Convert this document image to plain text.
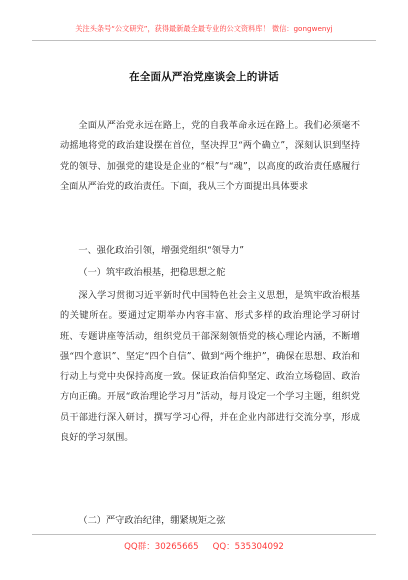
关注头条号“公文研究”，获得最新最全最专业的公文资料库！ 微信：gongwenyj
在全面从严治党座谈会上的讲话

全面从严治党永远在路上，党的自我革命永远在路上。我们必须毫不动摇地将党的政治建设摆在首位，坚决捍卫“两个确立”，深刻认识到坚持党的领导、加强党的建设是企业的“根”与“魂”，以高度的政治责任感履行全面从严治党的政治责任。下面，我从三个方面提出具体要求

一、强化政治引领，增强党组织“领导力”
（一）筑牢政治根基，把稳思想之舵

深入学习贯彻习近平新时代中国特色社会主义思想，是筑牢政治根基的关键所在。要通过定期举办内容丰富、形式多样的政治理论学习研讨班、专题讲座等活动，组织党员干部深刻领悟党的核心理论内涵，不断增强“四个意识”、坚定“四个自信”、做到“两个维护”，确保在思想、政治和行动上与党中央保持高度一致。保证政治信仰坚定、政治立场稳固、政治方向正确。开展“政治理论学习月”活动，每月设定一个学习主题，组织党员干部进行深入研讨，撰写学习心得，并在企业内部进行交流分享，形成良好的学习氛围。

（二）严守政治纪律，绷紧规矩之弦
QQ群：30265665 QQ：535304092
